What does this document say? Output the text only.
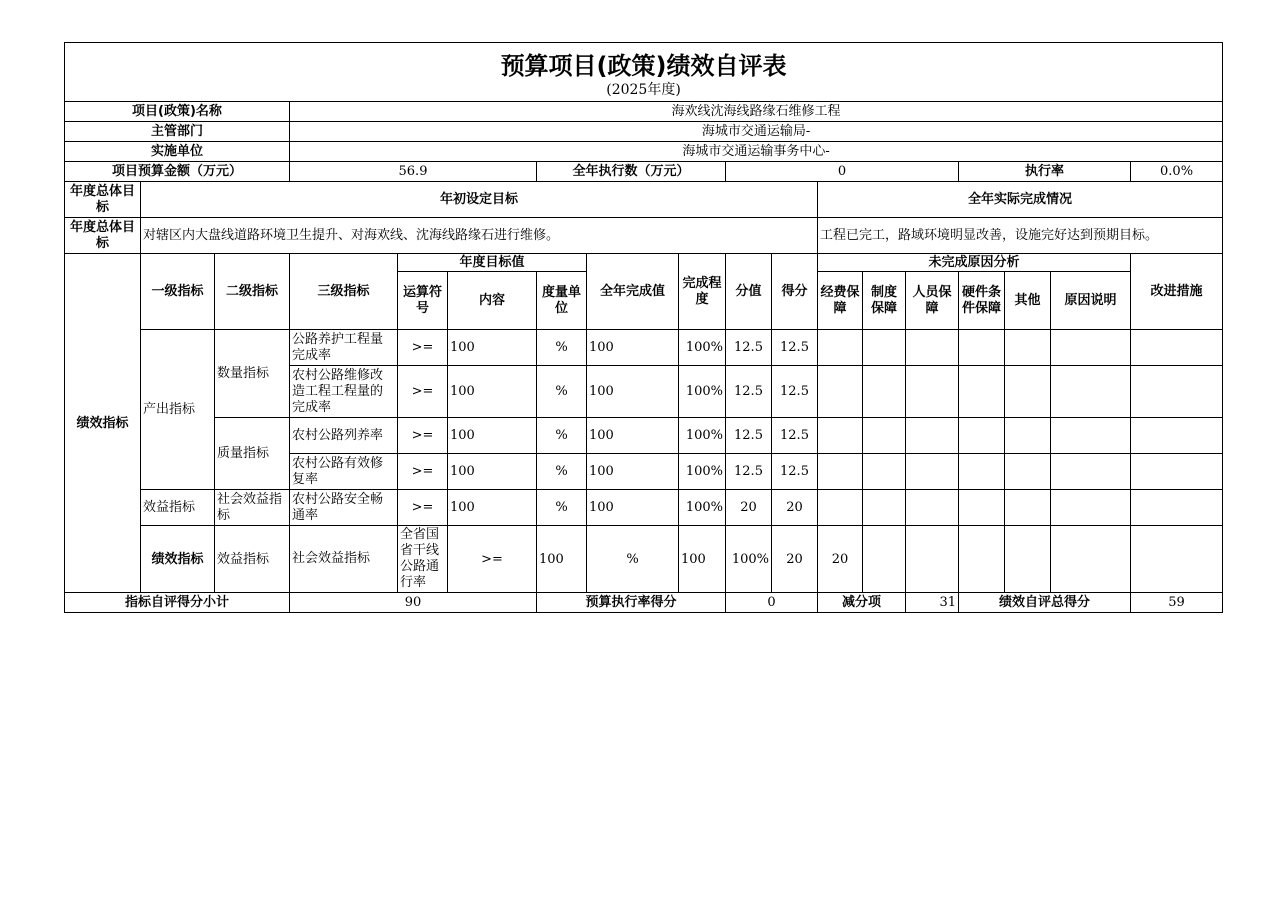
预算项目(政策)绩效自评表
(2025年度)																		

项目(政策)名称			海欢线沈海线路缘石维修工程															
主管部门			海城市交通运输局-															
实施单位			海城市交通运输事务中心-															
项目预算金额（万元）			56.9			全年执行数（万元）			0					执行率			0.0%	
年度总体目标	年初设定目标										全年实际完成情况							
年度总体目标	对辖区内大盘线道路环境卫生提升、对海欢线、沈海线路缘石进行维修。										工程已完工，路域环境明显改善，设施完好达到预期目标。							
绩效指标	一级指标	二级指标	三级指标	年度目标值			全年完成值	完成程度	分值	得分	未完成原因分析						改进措施	
				运算符号	内容	度量单位					经费保障	制度保障	人员保障	硬件条件保障	其他	原因说明		
	产出指标	数量指标	公路养护工程量完成率	>=	100	%	100	100%	12.5	12.5								
			农村公路维修改造工程工程量的完成率	>=	100	%	100	100%	12.5	12.5								
		质量指标	农村公路列养率	>=	100	%	100	100%	12.5	12.5								
			农村公路有效修复率	>=	100	%	100	100%	12.5	12.5								
	效益指标	社会效益指标	农村公路安全畅通率	>=	100	%	100	100%	20	20								
	绩效指标	效益指标	社会效益指标	全省国省干线公路通行率	>=	100	%	100	100%	20	20							
指标自评得分小计			90			预算执行率得分			0		减分项		31	绩效自评总得分			59	
